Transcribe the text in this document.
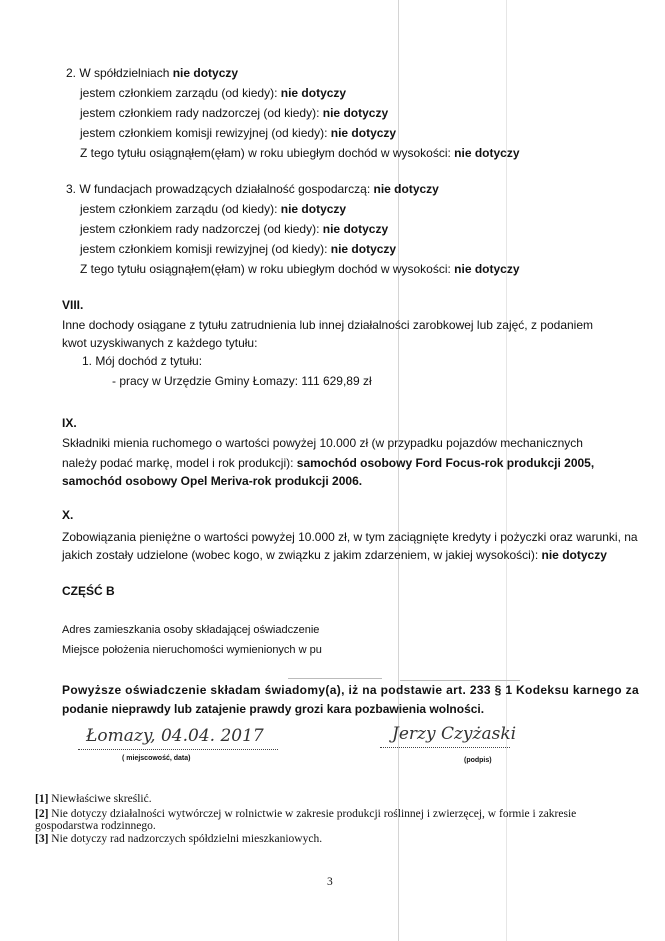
2. W spółdzielniach nie dotyczy
jestem członkiem zarządu (od kiedy): nie dotyczy
jestem członkiem rady nadzorczej (od kiedy): nie dotyczy
jestem członkiem komisji rewizyjnej (od kiedy): nie dotyczy
Z tego tytułu osiągnąłem(ęłam) w roku ubiegłym dochód w wysokości: nie dotyczy
3. W fundacjach prowadzących działalność gospodarczą: nie dotyczy
jestem członkiem zarządu (od kiedy): nie dotyczy
jestem członkiem rady nadzorczej (od kiedy): nie dotyczy
jestem członkiem komisji rewizyjnej (od kiedy): nie dotyczy
Z tego tytułu osiągnąłem(ęłam) w roku ubiegłym dochód w wysokości: nie dotyczy
VIII.
Inne dochody osiągane z tytułu zatrudnienia lub innej działalności zarobkowej lub zajęć, z podaniem
kwot uzyskiwanych z każdego tytułu:
1. Mój dochód z tytułu:
- pracy w Urzędzie Gminy Łomazy: 111 629,89 zł
IX.
Składniki mienia ruchomego o wartości powyżej 10.000 zł (w przypadku pojazdów mechanicznych
należy podać markę, model i rok produkcji): samochód osobowy Ford Focus-rok produkcji 2005,
samochód osobowy Opel Meriva-rok produkcji 2006.
X.
Zobowiązania pieniężne o wartości powyżej 10.000 zł, w tym zaciągnięte kredyty i pożyczki oraz warunki, na
jakich zostały udzielone (wobec kogo, w związku z jakim zdarzeniem, w jakiej wysokości): nie dotyczy
CZĘŚĆ B
Adres zamieszkania osoby składającej oświadczenie
Miejsce położenia nieruchomości wymienionych w pu
Powyższe oświadczenie składam świadomy(a), iż na podstawie art. 233 § 1 Kodeksu karnego za
podanie nieprawdy lub zatajenie prawdy grozi kara pozbawienia wolności.
Łomazy, 04.04. 2017
( miejscowość, data)
Jerzy Czyżaski
(podpis)
[1] Niewłaściwe skreślić.
[2] Nie dotyczy działalności wytwórczej w rolnictwie w zakresie produkcji roślinnej i zwierzęcej, w formie i zakresie
gospodarstwa rodzinnego.
[3] Nie dotyczy rad nadzorczych spółdzielni mieszkaniowych.
3
